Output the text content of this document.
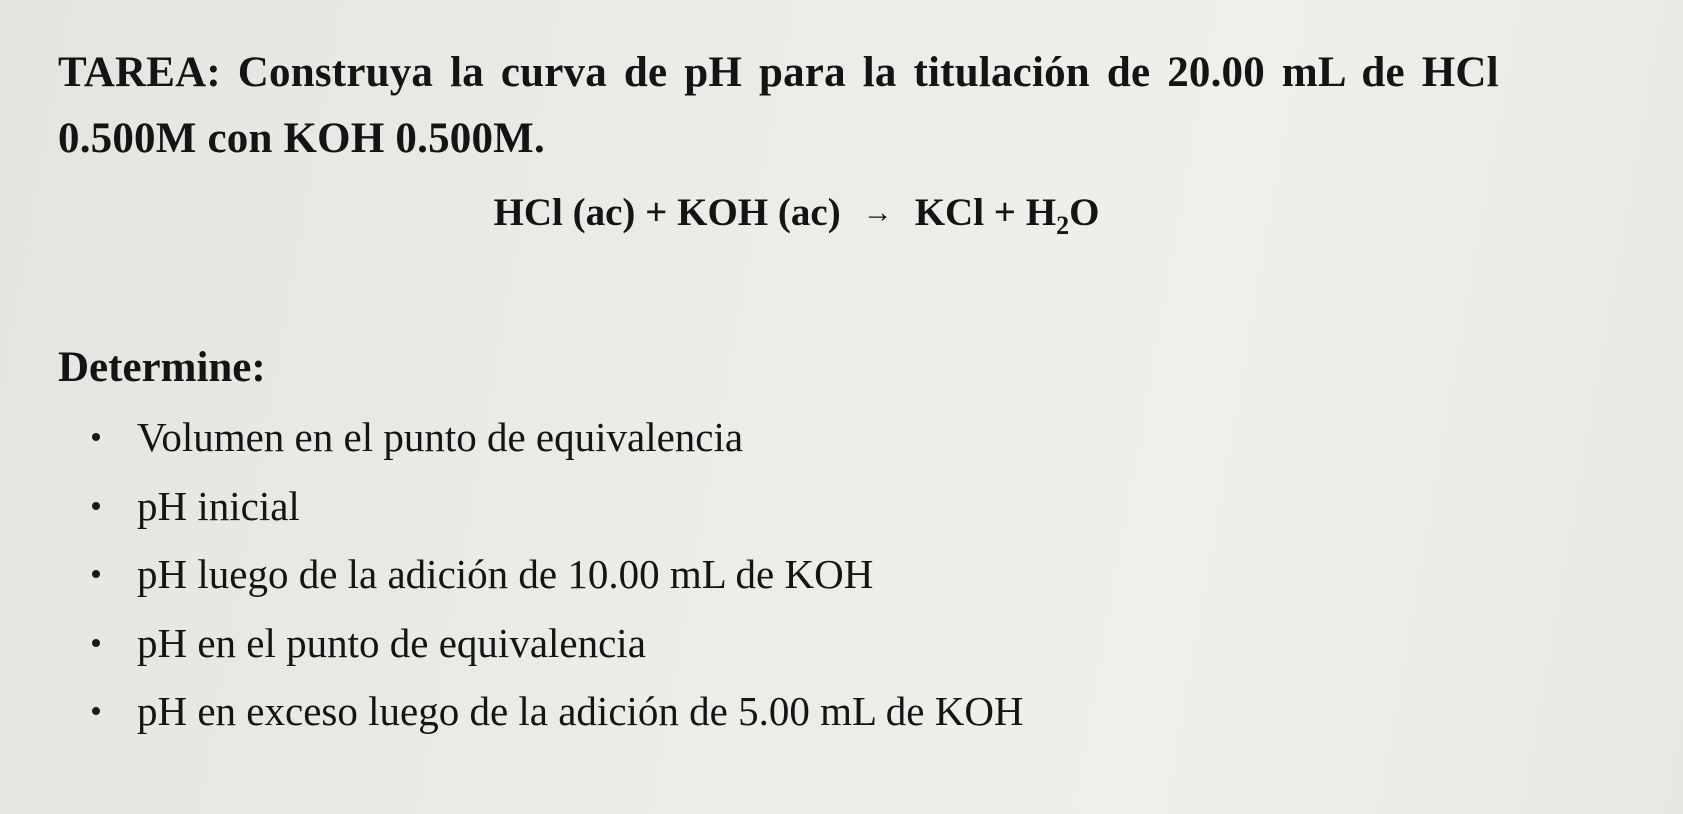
TAREA: Construya la curva de pH para la titulación de 20.00 mL de HCl
0.500M con KOH 0.500M.

HCl (ac) + KOH (ac) → KCl + $H_2O$

Determine:

Volumen en el punto de equivalencia
pH inicial
pH luego de la adición de 10.00 mL de KOH
pH en el punto de equivalencia
pH en exceso luego de la adición de 5.00 mL de KOH
